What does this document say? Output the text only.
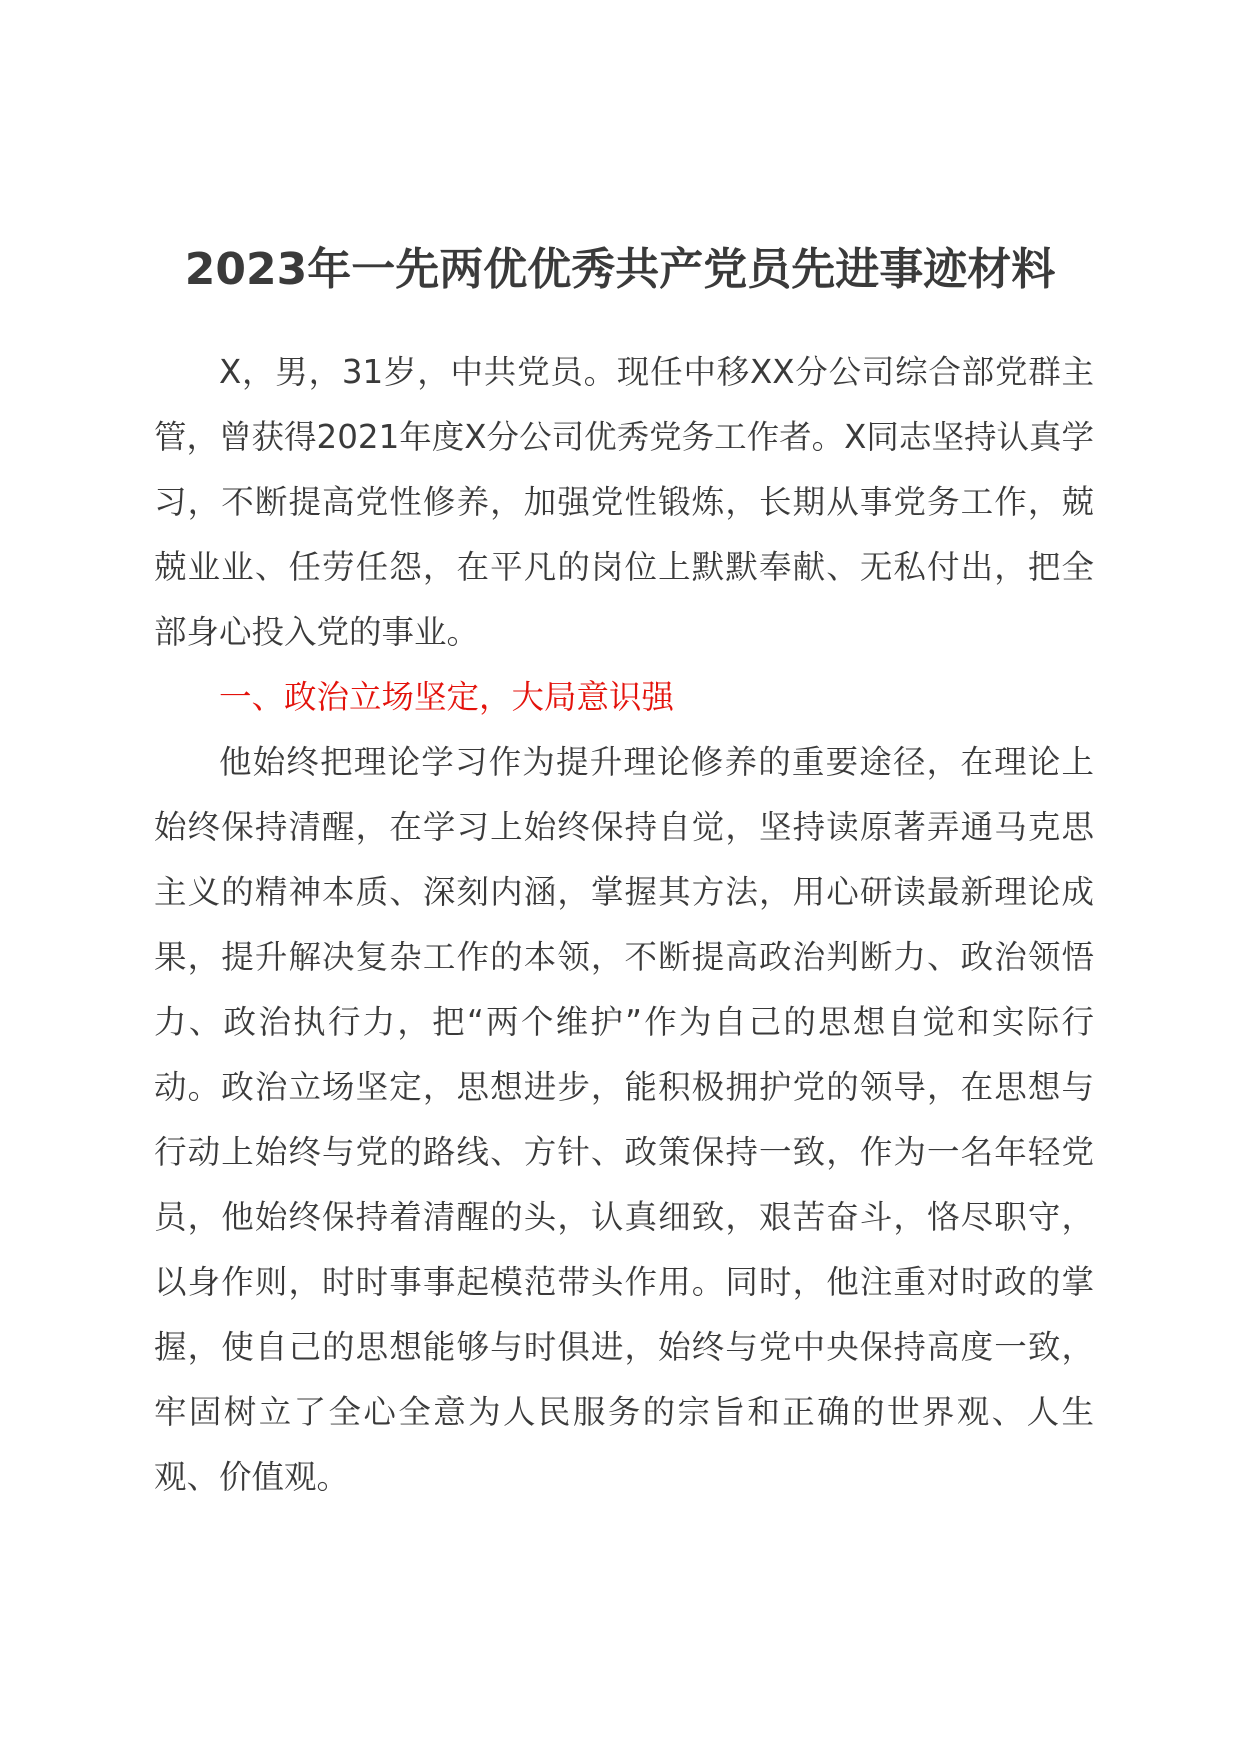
2023年一先两优优秀共产党员先进事迹材料

X，男，31岁，中共党员。现任中移XX分公司综合部党群主管，曾获得2021年度X分公司优秀党务工作者。X同志坚持认真学习，不断提高党性修养，加强党性锻炼，长期从事党务工作，兢兢业业、任劳任怨，在平凡的岗位上默默奉献、无私付出，把全部身心投入党的事业。

一、政治立场坚定，大局意识强

他始终把理论学习作为提升理论修养的重要途径，在理论上始终保持清醒，在学习上始终保持自觉，坚持读原著弄通马克思主义的精神本质、深刻内涵，掌握其方法，用心研读最新理论成果，提升解决复杂工作的本领，不断提高政治判断力、政治领悟力、政治执行力，把“两个维护”作为自己的思想自觉和实际行动。政治立场坚定，思想进步，能积极拥护党的领导，在思想与行动上始终与党的路线、方针、政策保持一致，作为一名年轻党员，他始终保持着清醒的头，认真细致，艰苦奋斗，恪尽职守，以身作则，时时事事起模范带头作用。同时，他注重对时政的掌握，使自己的思想能够与时俱进，始终与党中央保持高度一致，牢固树立了全心全意为人民服务的宗旨和正确的世界观、人生观、价值观。
